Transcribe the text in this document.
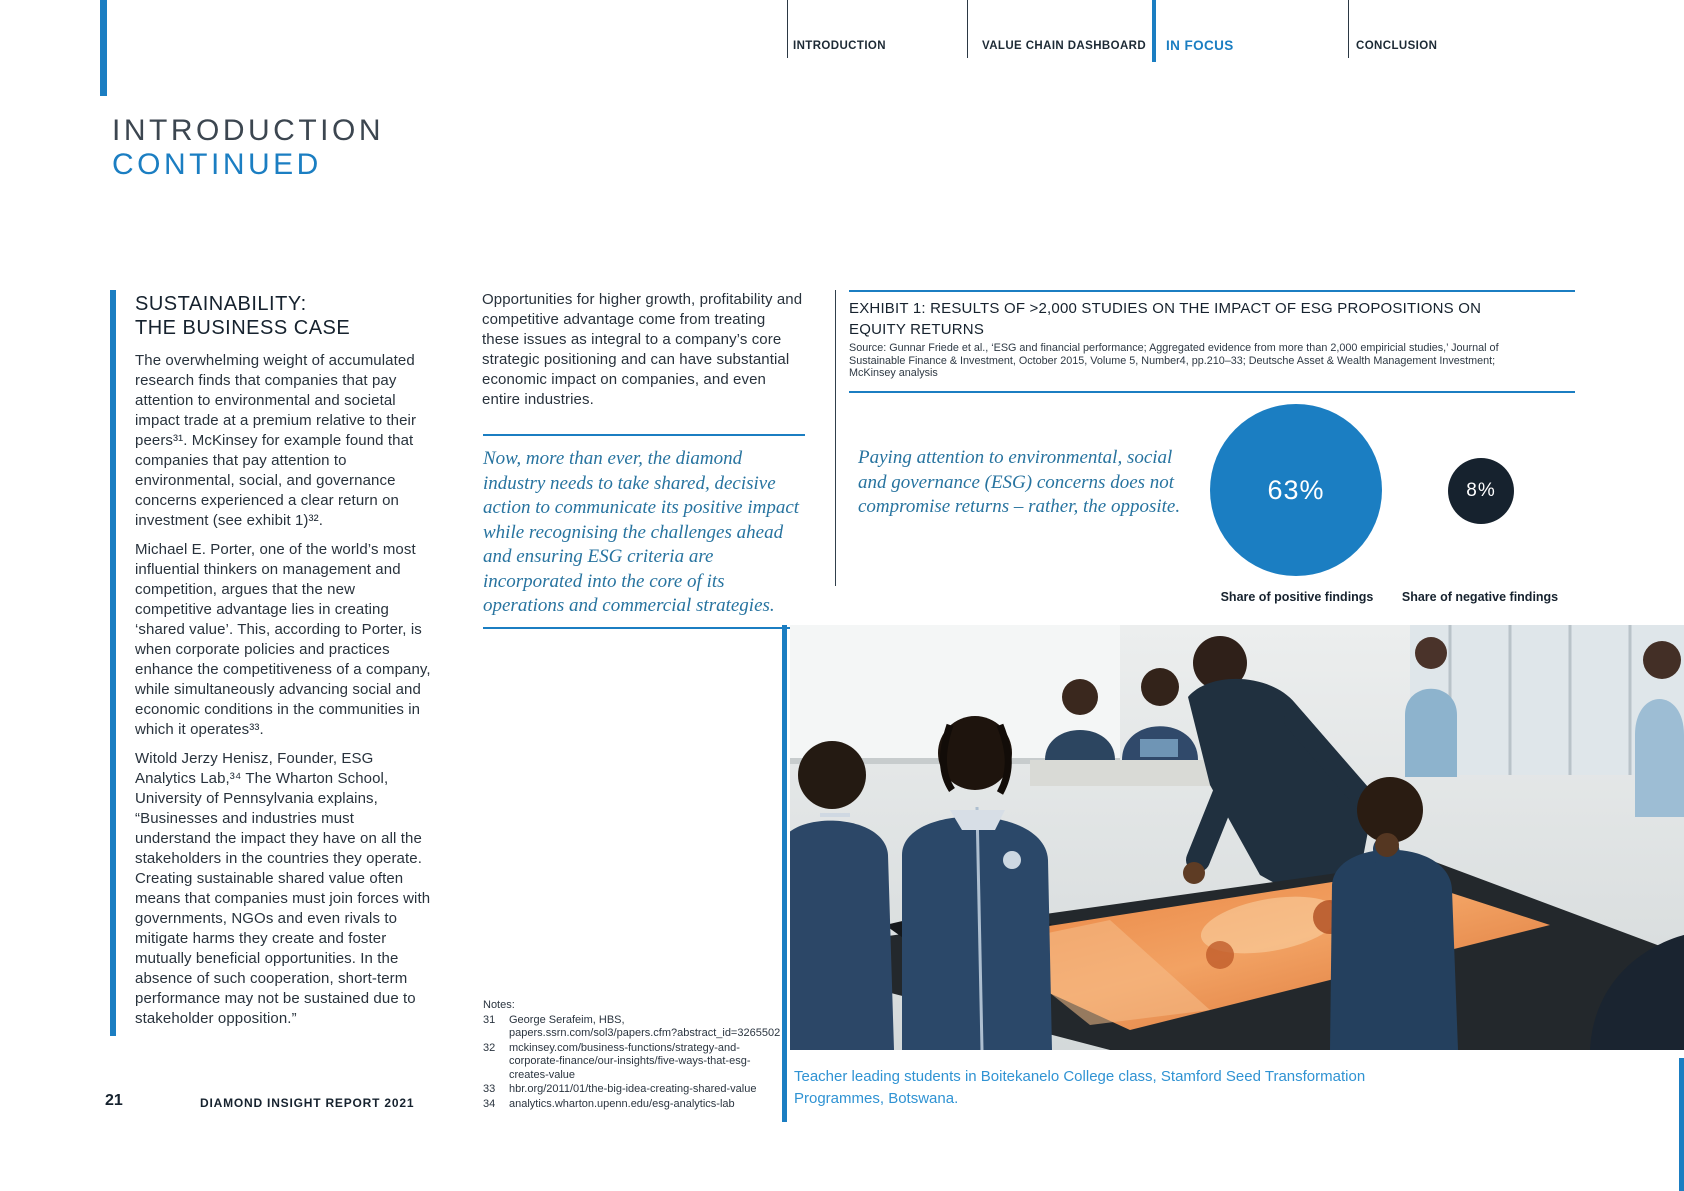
INTRODUCTION	VALUE CHAIN DASHBOARD IN FOCUS	CONCLUSION
INTRODUCTION
CONTINUED
SUSTAINABILITY:
THE BUSINESS CASE

The overwhelming weight of accumulated research finds that companies that pay attention to environmental and societal impact trade at a premium relative to their peers³¹. McKinsey for example found that companies that pay attention to environmental, social, and governance concerns experienced a clear return on investment (see exhibit 1)³².

Michael E. Porter, one of the world’s most influential thinkers on management and competition, argues that the new competitive advantage lies in creating ‘shared value’. This, according to Porter, is when corporate policies and practices enhance the competitiveness of a company, while simultaneously advancing social and economic conditions in the communities in which it operates³³.

Witold Jerzy Henisz, Founder, ESG Analytics Lab,³⁴ The Wharton School, University of Pennsylvania explains, “Businesses and industries must understand the impact they have on all the stakeholders in the countries they operate. Creating sustainable shared value often means that companies must join forces with governments, NGOs and even rivals to mitigate harms they create and foster mutually beneficial opportunities. In the absence of such cooperation, short-term performance may not be sustained due to stakeholder opposition.”

Opportunities for higher growth, profitability and competitive advantage come from treating these issues as integral to a company’s core strategic positioning and can have substantial economic impact on companies, and even entire industries.
Now, more than ever, the diamond industry needs to take shared, decisive action to communicate its positive impact while recognising the challenges ahead and ensuring ESG criteria are incorporated into the core of its operations and commercial strategies.
Notes:
31	George Serafeim, HBS, papers.ssrn.com/sol3/papers.cfm?abstract_id=3265502
32	mckinsey.com/business-functions/strategy-and-corporate-finance/our-insights/five-ways-that-esg-creates-value
33	hbr.org/2011/01/the-big-idea-creating-shared-value
34	analytics.wharton.upenn.edu/esg-analytics-lab
EXHIBIT 1: RESULTS OF >2,000 STUDIES ON THE IMPACT OF ESG PROPOSITIONS ON
EQUITY RETURNS
Source: Gunnar Friede et al., ‘ESG and financial performance; Aggregated evidence from more than 2,000 empiricial studies,’ Journal of Sustainable Finance & Investment, October 2015, Volume 5, Number4, pp.210–33; Deutsche Asset & Wealth Management Investment; McKinsey analysis
Paying attention to environmental, social and governance (ESG) concerns does not compromise returns – rather, the opposite.
63%	8%
Share of positive findings	Share of negative findings
Teacher leading students in Boitekanelo College class, Stamford Seed Transformation Programmes, Botswana.
21	DIAMOND INSIGHT REPORT 2021
